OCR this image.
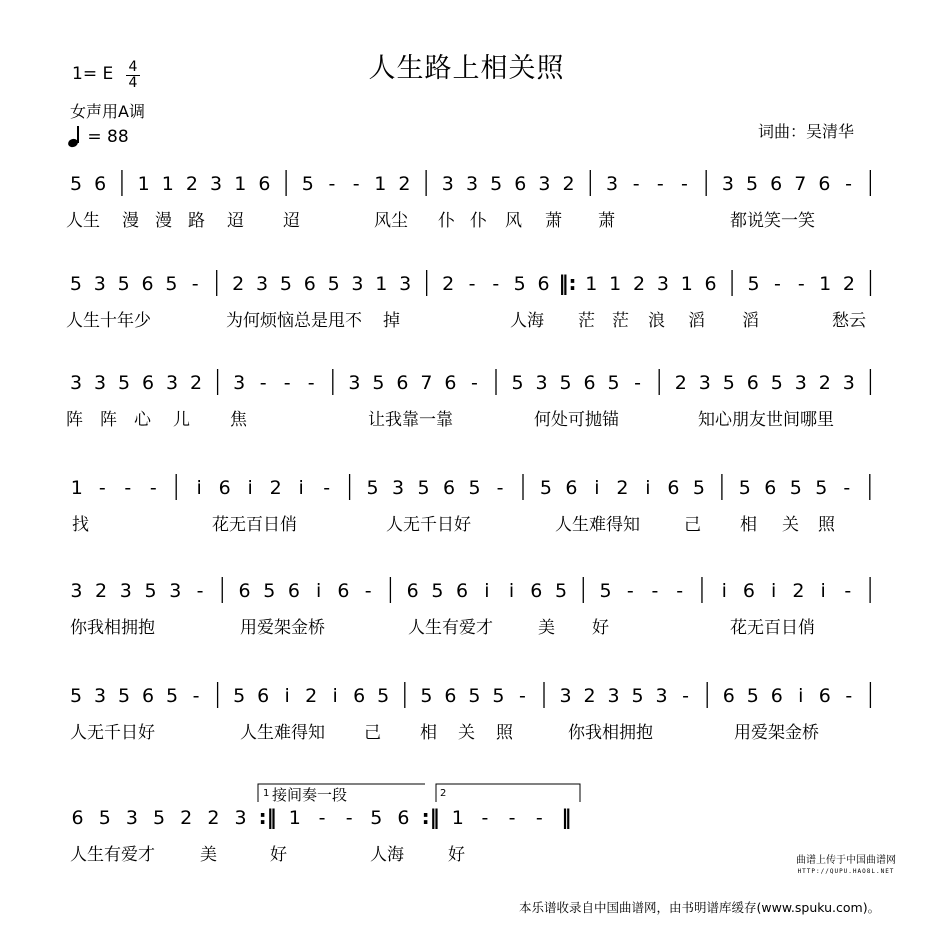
人生路上相关照
1= E 4
4
女声用A调
= 88	词曲：吴清华
5 6 1 1 2 3 1 6 5 - - 1 2 3 3 5 6 3 2 3 - - - 3 5 6 7 6 -
人生 漫 漫 路 迢 迢	风尘 仆 仆 风 萧 萧	都说笑一笑
5 3 5 6 5 - 2 3 5 6 5 3 1 3 2 - - 5 6 ‖: 1 1 2 3 1 6 5 - - 1 2
人生十年少	为何烦恼总是甩不 掉	人海 茫 茫 浪 滔 滔	愁云
3 3 5 6 3 2 3 - - - 3 5 6 7 6 - 5 3 5 6 5 - 2 3 5 6 5 3 2 3
阵 阵 心 儿 焦	让我靠一靠	何处可抛锚	知心朋友世间哪里
1 - - - i 6 i 2 i - 5 3 5 6 5 - 5 6 i 2 i 6 5 5 6 5 5 -
找	花无百日俏	人无千日好	人生难得知	己 相 关 照
3 2 3 5 3 - 6 5 6 i 6 - 6 5 6 i i 6 5 5 - - - i 6 i 2 i -
你我相拥抱	用爱架金桥	人生有爱才	美 好	花无百日俏
5 3 5 6 5 - 5 6 i 2 i 6 5 5 6 5 5 - 3 2 3 5 3 - 6 5 6 i 6 -
人无千日好	人生难得知 己 相 关 照	你我相拥抱	用爱架金桥
6 5 3 5 2 2 3 :‖ 1 - - 5 6 :‖ 1 - - - ‖
人生有爱才	美	好	人海	好
1 接间奏一段	2
曲谱上传于中国曲谱网
HTTP://QUPU.HAO8L.NET
本乐谱收录自中国曲谱网，由书明谱库缓存(www.spuku.com)。
